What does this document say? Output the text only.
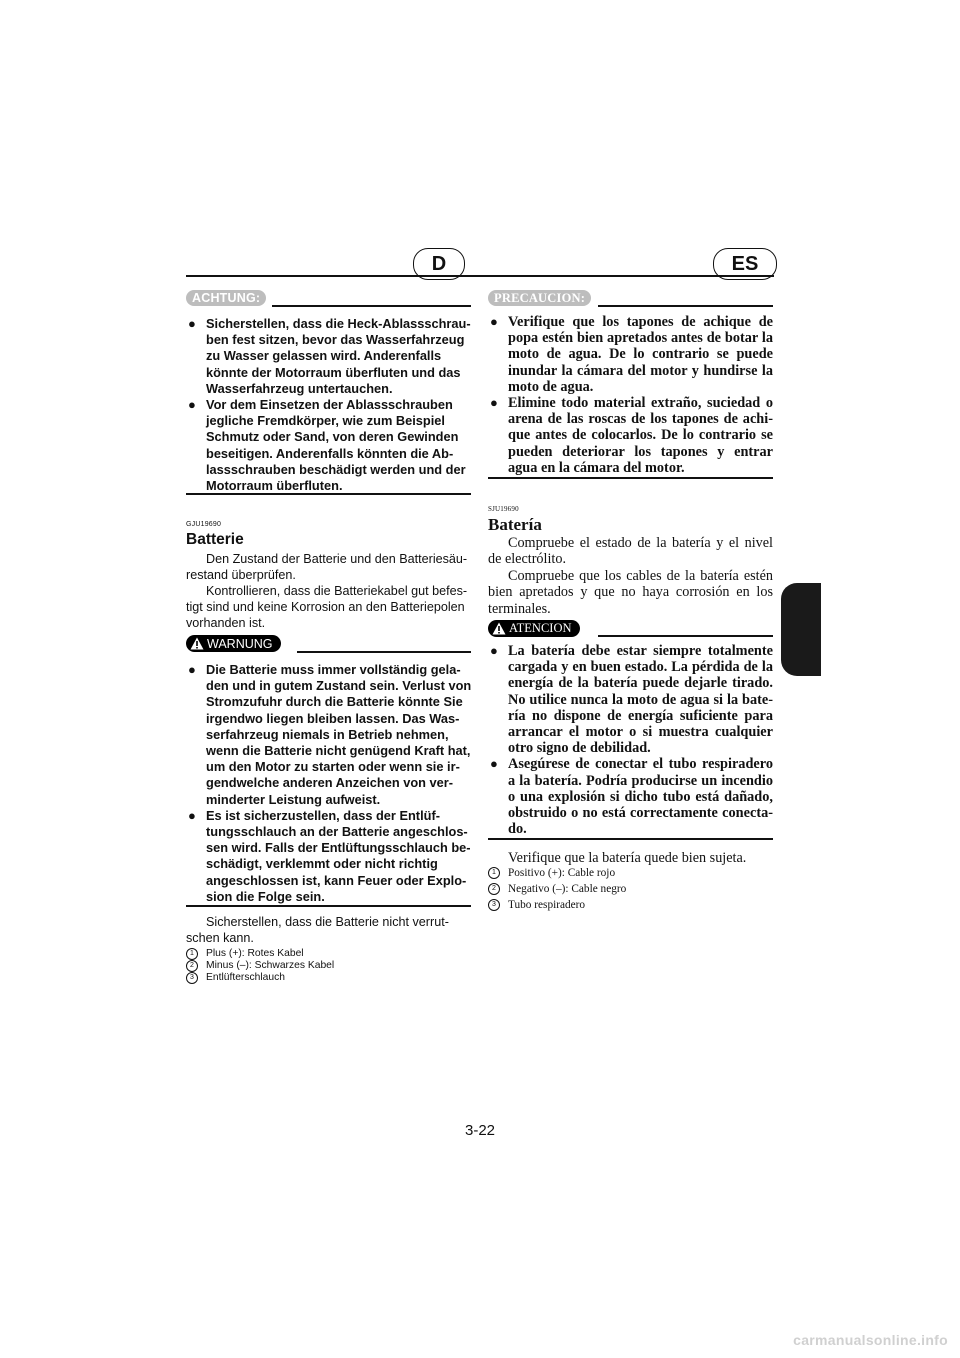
D	ES
ACHTUNG:
● Sicherstellen, dass die Heck-Ablassschrau-ben fest sitzen, bevor das Wasserfahrzeug zu Wasser gelassen wird. Anderenfalls könnte der Motorraum überfluten und das Wasserfahrzeug untertauchen.
● Vor dem Einsetzen der Ablassschrauben jegliche Fremdkörper, wie zum Beispiel Schmutz oder Sand, von deren Gewinden beseitigen. Anderenfalls könnten die Ab-lassschrauben beschädigt werden und der Motorraum überfluten.
GJU19690
Batterie

Den Zustand der Batterie und den Batteriesäu-restand überprüfen.

Kontrollieren, dass die Batteriekabel gut befes-tigt sind und keine Korrosion an den Batteriepolen vorhanden ist.

WARNUNG
● Die Batterie muss immer vollständig gela-den und in gutem Zustand sein. Verlust von Stromzufuhr durch die Batterie könnte Sie irgendwo liegen bleiben lassen. Das Was-serfahrzeug niemals in Betrieb nehmen, wenn die Batterie nicht genügend Kraft hat, um den Motor zu starten oder wenn sie ir-gendwelche anderen Anzeichen von ver-minderter Leistung aufweist.
● Es ist sicherzustellen, dass der Entlüf-tungsschlauch an der Batterie angeschlos-sen wird. Falls der Entlüftungsschlauch be-schädigt, verklemmt oder nicht richtig angeschlossen ist, kann Feuer oder Explo-sion die Folge sein.

Sicherstellen, dass die Batterie nicht verrut-schen kann.

1	Plus (+): Rotes Kabel
2	Minus (–): Schwarzes Kabel
3	Entlüfterschlauch
PRECAUCION:
● Verifique que los tapones de achique de popa estén bien apretados antes de botar la moto de agua. De lo contrario se puede inundar la cámara del motor y hundirse la moto de agua.
● Elimine todo material extraño, suciedad o arena de las roscas de los tapones de achi-que antes de colocarlos. De lo contrario se pueden deteriorar los tapones y entrar agua en la cámara del motor.
SJU19690
Batería

Compruebe el estado de la batería y el nivel de electrólito.

Compruebe que los cables de la batería estén bien apretados y que no haya corrosión en los terminales.

ATENCION
● La batería debe estar siempre totalmente cargada y en buen estado. La pérdida de la energía de la batería puede dejarle tirado. No utilice nunca la moto de agua si la bate-ría no dispone de energía suficiente para arrancar el motor o si muestra cualquier otro signo de debilidad.
● Asegúrese de conectar el tubo respiradero a la batería. Podría producirse un incendio o una explosión si dicho tubo está dañado, obstruido o no está correctamente conecta-do.

Verifique que la batería quede bien sujeta.

1	Positivo (+): Cable rojo
2	Negativo (–): Cable negro
3	Tubo respiradero
3-22
carmanualsonline.info
